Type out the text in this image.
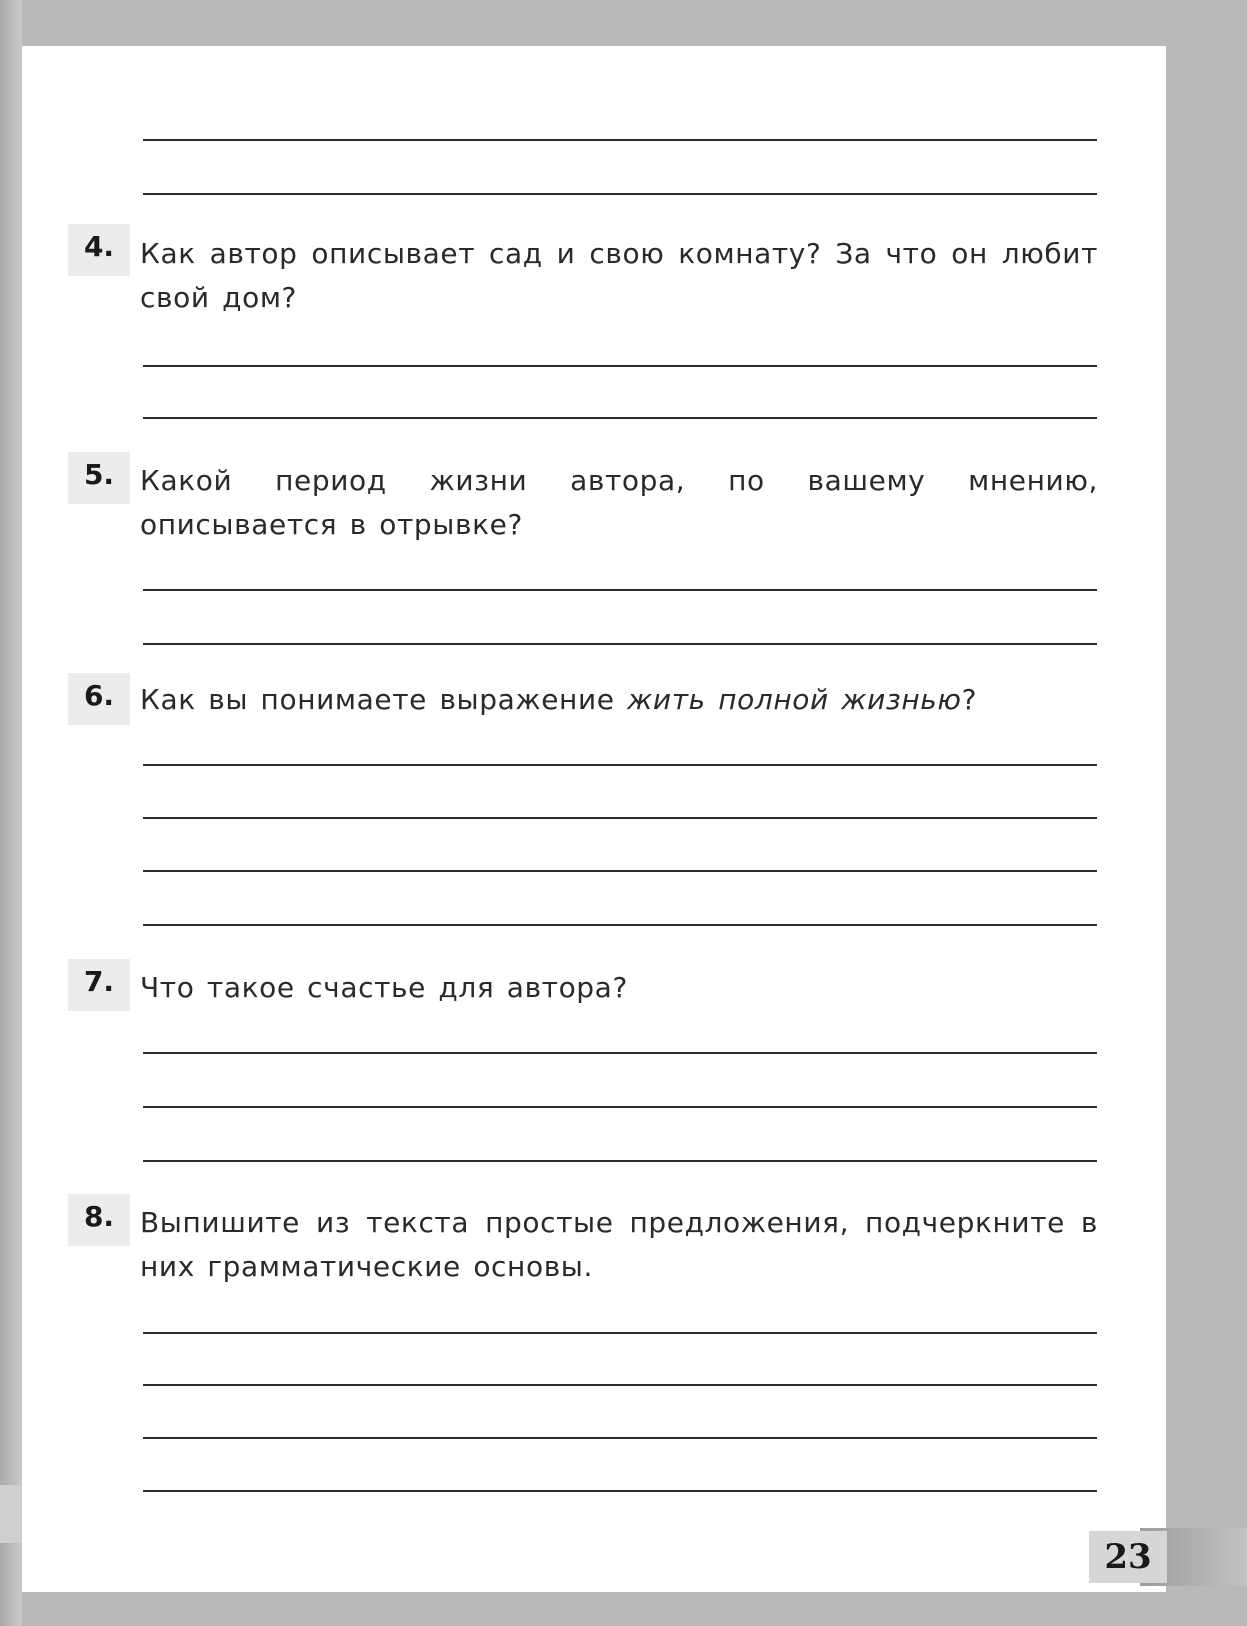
4. Как автор описывает сад и свою комнату? За что он любит свой дом?
5. Какой период жизни автора, по вашему мнению, описывается в отрывке?
6. Как вы понимаете выражение жить полной жизнью?
7. Что такое счастье для автора?
8. Выпишите из текста простые предложения, подчеркните в них грамматические основы.
23
